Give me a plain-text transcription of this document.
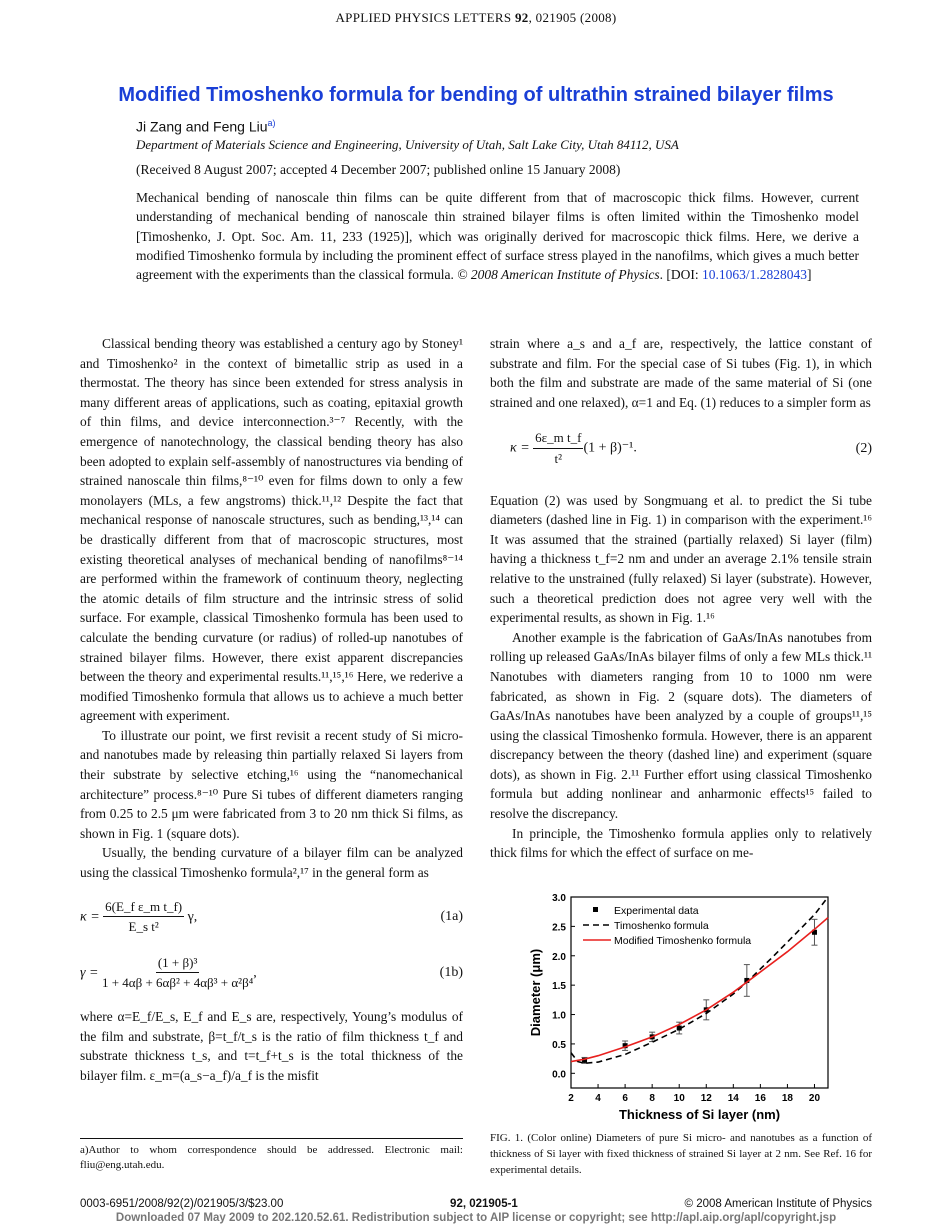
APPLIED PHYSICS LETTERS 92, 021905 (2008)
Modified Timoshenko formula for bending of ultrathin strained bilayer films
Ji Zang and Feng Liu$^{a)}$
Department of Materials Science and Engineering, University of Utah, Salt Lake City, Utah 84112, USA
(Received 8 August 2007; accepted 4 December 2007; published online 15 January 2008)
Mechanical bending of nanoscale thin films can be quite different from that of macroscopic thick films. However, current understanding of mechanical bending of nanoscale thin strained bilayer films is often limited within the Timoshenko model [Timoshenko, J. Opt. Soc. Am. 11, 233 (1925)], which was originally derived for macroscopic thick films. Here, we derive a modified Timoshenko formula by including the prominent effect of surface stress played in the nanofilms, which gives a much better agreement with the experiments than the classical formula. © 2008 American Institute of Physics. [DOI: 10.1063/1.2828043]

Classical bending theory was established a century ago by Stoney¹ and Timoshenko² in the context of bimetallic strip as used in a thermostat. The theory has since been extended for stress analysis in many different areas of applications, such as coating, epitaxial growth of thin films, and device interconnection.³⁻⁷ Recently, with the emergence of nanotechnology, the classical bending theory has also been adopted to explain self-assembly of nanostructures via bending of strained nanoscale thin films,⁸⁻¹⁰ even for films down to only a few monolayers (MLs, a few angstroms) thick.¹¹,¹² Despite the fact that mechanical response of nanoscale structures, such as bending,¹³,¹⁴ can be drastically different from that of macroscopic structures, most existing theoretical analyses of mechanical bending of nanofilms⁸⁻¹⁴ are performed within the framework of continuum theory, neglecting the atomic details of film structure and the intrinsic stress of solid surface. For example, classical Timoshenko formula has been used to calculate the bending curvature (or radius) of rolled-up nanotubes of strained bilayer films. However, there exist apparent discrepancies between the theory and experimental results.¹¹,¹⁵,¹⁶ Here, we rederive a modified Timoshenko formula that allows us to achieve a much better agreement with experiment.

To illustrate our point, we first revisit a recent study of Si micro- and nanotubes made by releasing thin partially relaxed Si layers from their substrate by selective etching,¹⁶ using the “nanomechanical architecture” process.⁸⁻¹⁰ Pure Si tubes of different diameters ranging from 0.25 to 2.5 μm were fabricated from 3 to 20 nm thick Si films, as shown in Fig. 1 (square dots).

Usually, the bending curvature of a bilayer film can be analyzed using the classical Timoshenko formula²,¹⁷ in the general form as

$\kappa = \frac{\text{6(E\_f ε\_m t\_f)}}{\text{E\_s t²}} \gamma$,	(1a)
$\gamma = \frac{\text{(1 + β)³}}{\text{1 + 4αβ + 6αβ² + 4αβ³ + α²β⁴}}$ ,	(1b)

where α=E_f/E_s, E_f and E_s are, respectively, Young’s modulus of the film and substrate, β=t_f/t_s is the ratio of film thickness t_f and substrate thickness t_s, and t=t_f+t_s is the total thickness of the bilayer film. ε_m=(a_s−a_f)/a_f is the misfit

strain where a_s and a_f are, respectively, the lattice constant of substrate and film. For the special case of Si tubes (Fig. 1), in which both the film and substrate are made of the same material of Si (one strained and one relaxed), α=1 and Eq. (1) reduces to a simpler form as

$\kappa = \frac{\text{6ε\_m t\_f}}{\text{t²}} (1 + \beta)^{-1}$.	(2)

Equation (2) was used by Songmuang et al. to predict the Si tube diameters (dashed line in Fig. 1) in comparison with the experiment.¹⁶ It was assumed that the strained (partially relaxed) Si layer (film) having a thickness t_f=2 nm and under an average 2.1% tensile strain relative to the unstrained (fully relaxed) Si layer (substrate). However, such a theoretical prediction does not agree very well with the experimental results, as shown in Fig. 1.¹⁶

Another example is the fabrication of GaAs/InAs nanotubes from rolling up released GaAs/InAs bilayer films of only a few MLs thick.¹¹ Nanotubes with diameters ranging from 10 to 1000 nm were fabricated, as shown in Fig. 2 (square dots). The diameters of GaAs/InAs nanotubes have been analyzed by a couple of groups¹¹,¹⁵ using the classical Timoshenko formula. However, there is an apparent discrepancy between the theory (dashed line) and experiment (square dots), as shown in Fig. 2.¹¹ Further effort using classical Timoshenko formula but adding nonlinear and anharmonic effects¹⁵ failed to resolve the discrepancy.

In principle, the Timoshenko formula applies only to relatively thick films for which the effect of surface on me-

2 4 6 8 10 12 14 16 18 20
0.0
0.5
1.0
1.5
2.0
2.5
3.0
Thickness of Si layer (nm)
Diameter (μm)
Experimental data
Timoshenko formula
Modified Timoshenko formula
FIG. 1. (Color online) Diameters of pure Si micro- and nanotubes as a function of thickness of Si layer with fixed thickness of strained Si layer at 2 nm. See Ref. 16 for experimental details.
a)Author to whom correspondence should be addressed. Electronic mail: fliu@eng.utah.edu.
0003-6951/2008/92(2)/021905/3/$23.00	92, 021905-1	© 2008 American Institute of Physics
Downloaded 07 May 2009 to 202.120.52.61. Redistribution subject to AIP license or copyright; see http://apl.aip.org/apl/copyright.jsp
